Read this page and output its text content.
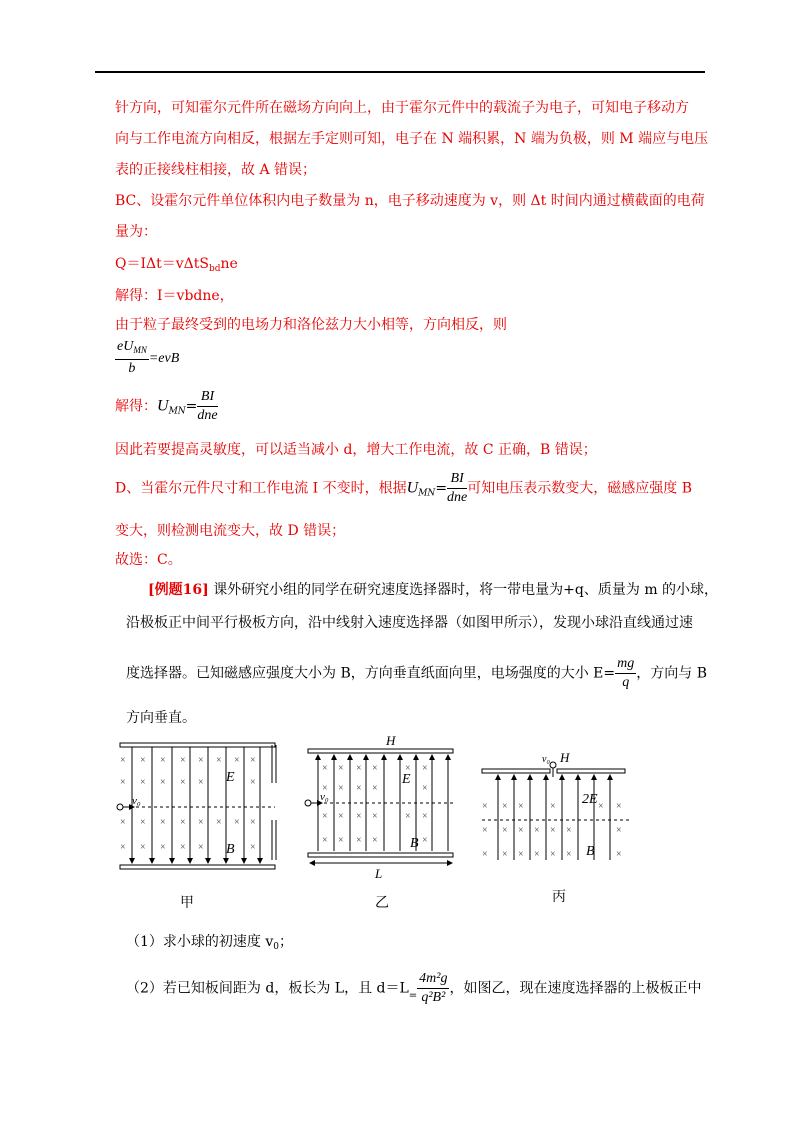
针方向，可知霍尔元件所在磁场方向向上，由于霍尔元件中的载流子为电子，可知电子移动方
向与工作电流方向相反，根据左手定则可知，电子在 N 端积累，N 端为负极，则 M 端应与电压
表的正接线柱相接，故 A 错误；
BC、设霍尔元件单位体积内电子数量为 n，电子移动速度为 v，则 Δt 时间内通过横截面的电荷
量为：
Q＝IΔt＝vΔtS$_{bd}$ne
解得：I＝vbdne，
由于粒子最终受到的电场力和洛伦兹力大小相等，方向相反，则
$\frac{eU_{MN}}{b} =evB$
解得：$U_{MN}= \frac{BI}{\text{dne}}$
因此若要提高灵敏度，可以适当减小 d，增大工作电流，故 C 正确，B 错误；
D、当霍尔元件尺寸和工作电流 I 不变时，根据$U_{MN}= \frac{BI}{\text{dne}}$ 可知电压表示数变大，磁感应强度 B
变大，则检测电流变大，故 D 错误；
故选：C。
[例题16] 课外研究小组的同学在研究速度选择器时，将一带电量为+q、质量为 m 的小球，
沿极板正中间平行极板方向，沿中线射入速度选择器（如图甲所示），发现小球沿直线通过速
度选择器。已知磁感应强度大小为 B，方向垂直纸面向里，电场强度的大小 $E= \frac{mg}{q}$ ，方向与 B
方向垂直。
× × × × × × × ×
× × × × ×	×
× × × × × × × ×
× × × × ×	×
v₀
E
B
甲
× × × ×	× ×
× × × ×	×
× × × ×	× ×
× × × ×	×
v₀
E
B
H
L
乙
× × ×	×	× ×
× × × × × ×	×
× × × × × ×	×
v₀ H
2E
B
丙
（1）求小球的初速度 $v_0$；
（2）若已知板间距为 d，板长为 L，且 $d=L_= \frac{\text{4m²g}}{\text{q²B²}}$ ，如图乙，现在速度选择器的上极板正中
